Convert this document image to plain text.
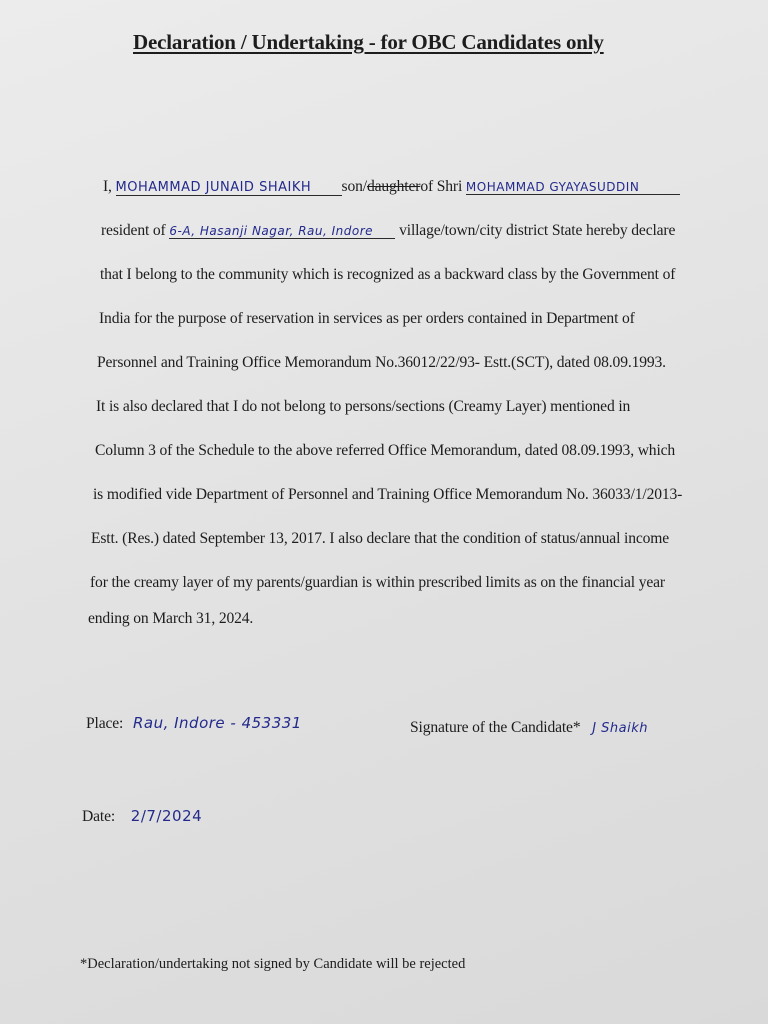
Declaration / Undertaking - for OBC Candidates only
I, MOHAMMAD JUNAID SHAIKH son/daughterof Shri MOHAMMAD GYAYASUDDIN
resident of 6-A, Hasanji Nagar, Rau, Indore village/town/city district State hereby declare
that I belong to the community which is recognized as a backward class by the Government of
India for the purpose of reservation in services as per orders contained in Department of
Personnel and Training Office Memorandum No.36012/22/93- Estt.(SCT), dated 08.09.1993.
It is also declared that I do not belong to persons/sections (Creamy Layer) mentioned in
Column 3 of the Schedule to the above referred Office Memorandum, dated 08.09.1993, which
is modified vide Department of Personnel and Training Office Memorandum No. 36033/1/2013-
Estt. (Res.) dated September 13, 2017. I also declare that the condition of status/annual income
for the creamy layer of my parents/guardian is within prescribed limits as on the financial year
ending on March 31, 2024.
Place: Rau, Indore - 453331	Signature of the Candidate* J Shaikh
Date: 2/7/2024
*Declaration/undertaking not signed by Candidate will be rejected
